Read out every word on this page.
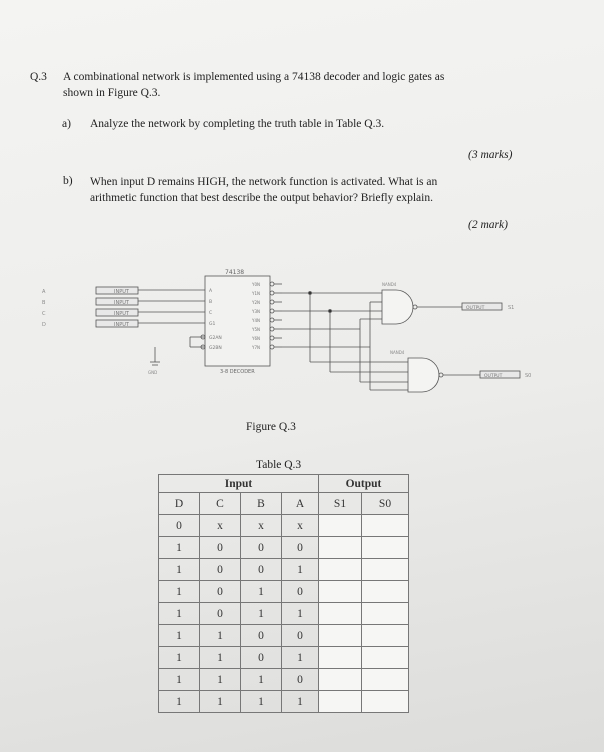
Q.3 A combinational network is implemented using a 74138 decoder and logic gates as
shown in Figure Q.3.
a) Analyze the network by completing the truth table in Table Q.3.
(3 marks)
b) When input D remains HIGH, the network function is activated. What is an
arithmetic function that best describe the output behavior? Briefly explain.
(2 mark)
INPUT
A
INPUT
B
INPUT
C
INPUT
D
GND
74138
3-8 DECODER
A
B
C
G1
G2AN
G2BN
Y0N
Y1N
Y2N
Y3N
Y4N
Y5N
Y6N
Y7N
NAND4
OUTPUT	S1
NAND4
OUTPUT	S0
Figure Q.3
Table Q.3
Input				Output	
D	C	B	A	S1	S0
0	x	x	x		
1	0	0	0		
1	0	0	1		
1	0	1	0		
1	0	1	1		
1	1	0	0		
1	1	0	1		
1	1	1	0		
1	1	1	1		
